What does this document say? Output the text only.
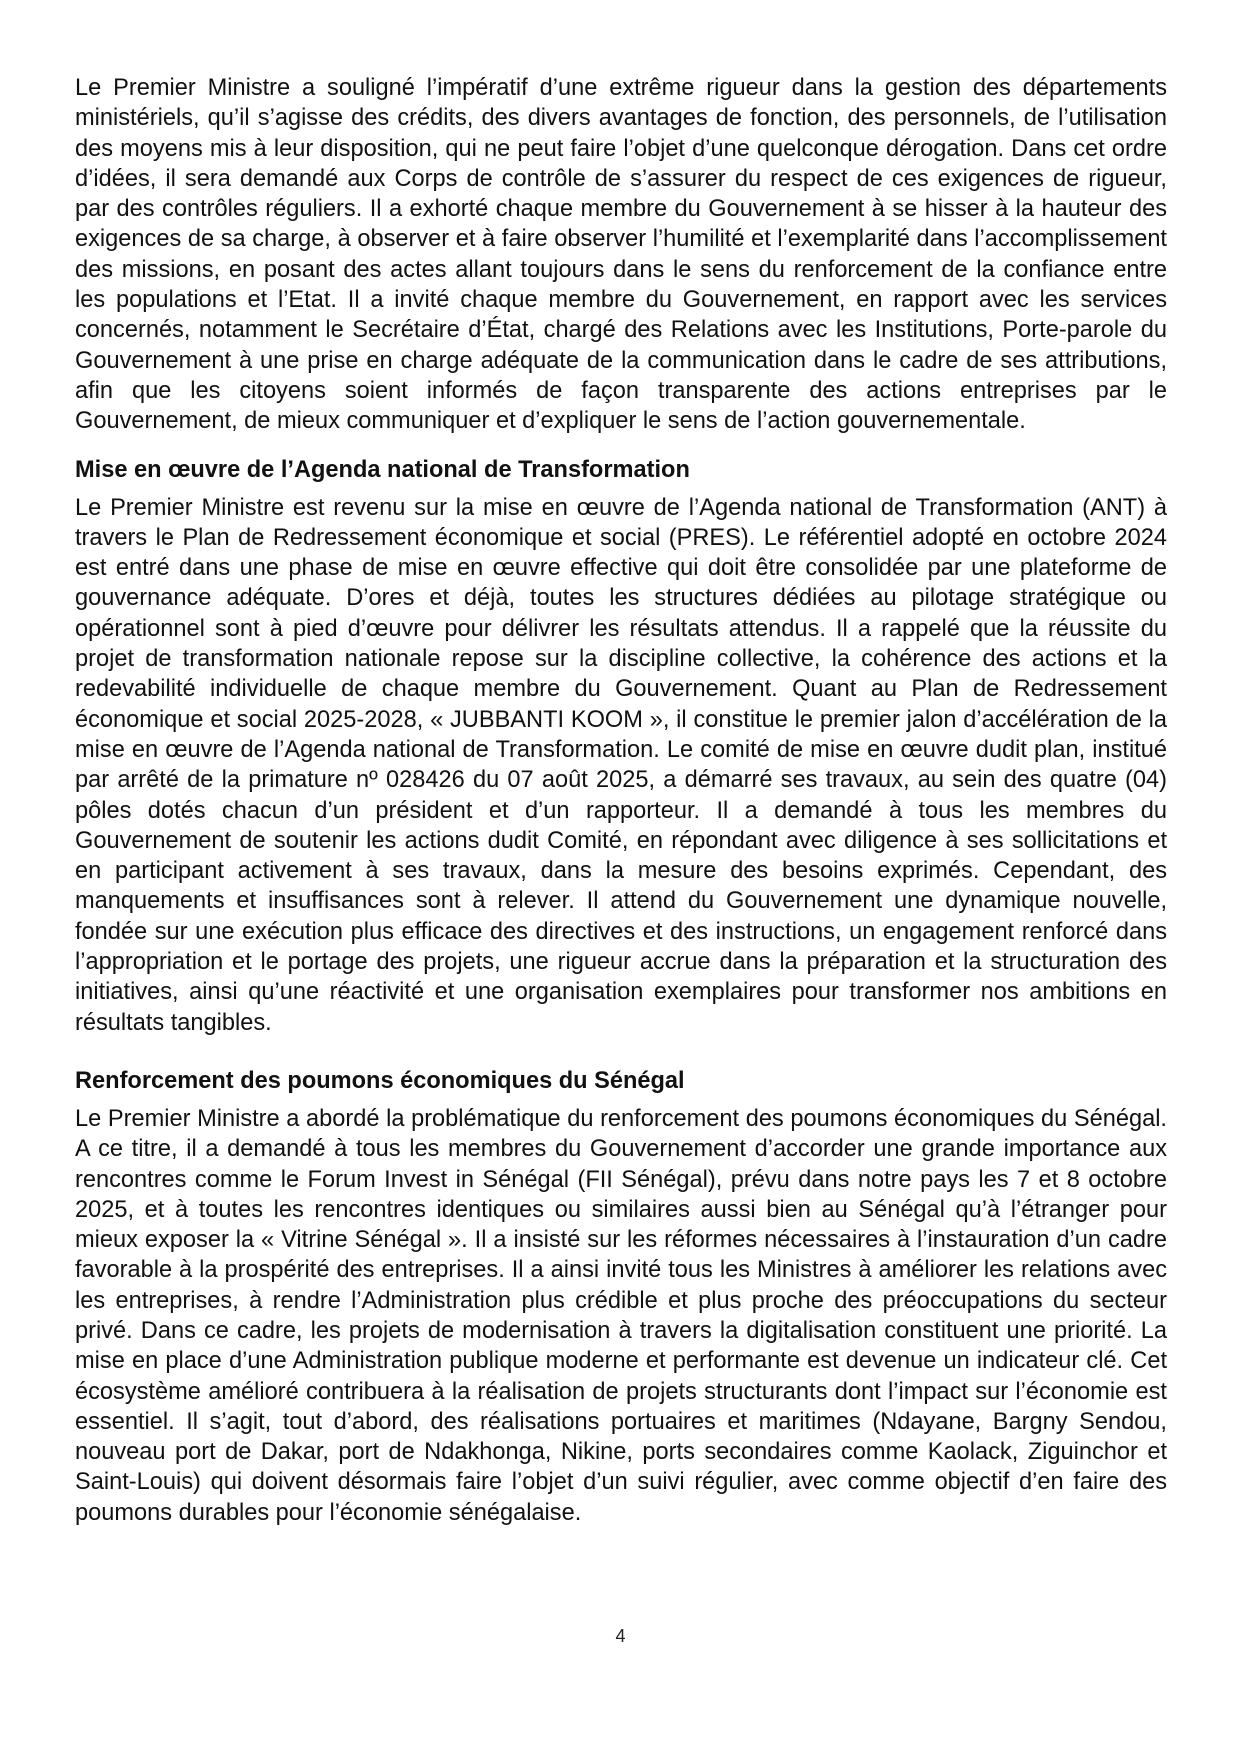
Le Premier Ministre a souligné l’impératif d’une extrême rigueur dans la gestion des départements ministériels, qu’il s’agisse des crédits, des divers avantages de fonction, des personnels, de l’utilisation des moyens mis à leur disposition, qui ne peut faire l’objet d’une quelconque dérogation. Dans cet ordre d’idées, il sera demandé aux Corps de contrôle de s’assurer du respect de ces exigences de rigueur, par des contrôles réguliers. Il a exhorté chaque membre du Gouvernement à se hisser à la hauteur des exigences de sa charge, à observer et à faire observer l’humilité et l’exemplarité dans l’accomplissement des missions, en posant des actes allant toujours dans le sens du renforcement de la confiance entre les populations et l’Etat. Il a invité chaque membre du Gouvernement, en rapport avec les services concernés, notamment le Secrétaire d’État, chargé des Relations avec les Institutions, Porte-parole du Gouvernement à une prise en charge adéquate de la communication dans le cadre de ses attributions, afin que les citoyens soient informés de façon transparente des actions entreprises par le Gouvernement, de mieux communiquer et d’expliquer le sens de l’action gouvernementale.

Mise en œuvre de l’Agenda national de Transformation

Le Premier Ministre est revenu sur la mise en œuvre de l’Agenda national de Transformation (ANT) à travers le Plan de Redressement économique et social (PRES). Le référentiel adopté en octobre 2024 est entré dans une phase de mise en œuvre effective qui doit être consolidée par une plateforme de gouvernance adéquate. D’ores et déjà, toutes les structures dédiées au pilotage stratégique ou opérationnel sont à pied d’œuvre pour délivrer les résultats attendus. Il a rappelé que la réussite du projet de transformation nationale repose sur la discipline collective, la cohérence des actions et la redevabilité individuelle de chaque membre du Gouvernement. Quant au Plan de Redressement économique et social 2025-2028, « JUBBANTI KOOM », il constitue le premier jalon d’accélération de la mise en œuvre de l’Agenda national de Transformation. Le comité de mise en œuvre dudit plan, institué par arrêté de la primature nº 028426 du 07 août 2025, a démarré ses travaux, au sein des quatre (04) pôles dotés chacun d’un président et d’un rapporteur. Il a demandé à tous les membres du Gouvernement de soutenir les actions dudit Comité, en répondant avec diligence à ses sollicitations et en participant activement à ses travaux, dans la mesure des besoins exprimés. Cependant, des manquements et insuffisances sont à relever. Il attend du Gouvernement une dynamique nouvelle, fondée sur une exécution plus efficace des directives et des instructions, un engagement renforcé dans l’appropriation et le portage des projets, une rigueur accrue dans la préparation et la structuration des initiatives, ainsi qu’une réactivité et une organisation exemplaires pour transformer nos ambitions en résultats tangibles.

Renforcement des poumons économiques du Sénégal

Le Premier Ministre a abordé la problématique du renforcement des poumons économiques du Sénégal. A ce titre, il a demandé à tous les membres du Gouvernement d’accorder une grande importance aux rencontres comme le Forum Invest in Sénégal (FII Sénégal), prévu dans notre pays les 7 et 8 octobre 2025, et à toutes les rencontres identiques ou similaires aussi bien au Sénégal qu’à l’étranger pour mieux exposer la « Vitrine Sénégal ». Il a insisté sur les réformes nécessaires à l’instauration d’un cadre favorable à la prospérité des entreprises. Il a ainsi invité tous les Ministres à améliorer les relations avec les entreprises, à rendre l’Administration plus crédible et plus proche des préoccupations du secteur privé. Dans ce cadre, les projets de modernisation à travers la digitalisation constituent une priorité. La mise en place d’une Administration publique moderne et performante est devenue un indicateur clé. Cet écosystème amélioré contribuera à la réalisation de projets structurants dont l’impact sur l’économie est essentiel. Il s’agit, tout d’abord, des réalisations portuaires et maritimes (Ndayane, Bargny Sendou, nouveau port de Dakar, port de Ndakhonga, Nikine, ports secondaires comme Kaolack, Ziguinchor et Saint-Louis) qui doivent désormais faire l’objet d’un suivi régulier, avec comme objectif d’en faire des poumons durables pour l’économie sénégalaise.

4
